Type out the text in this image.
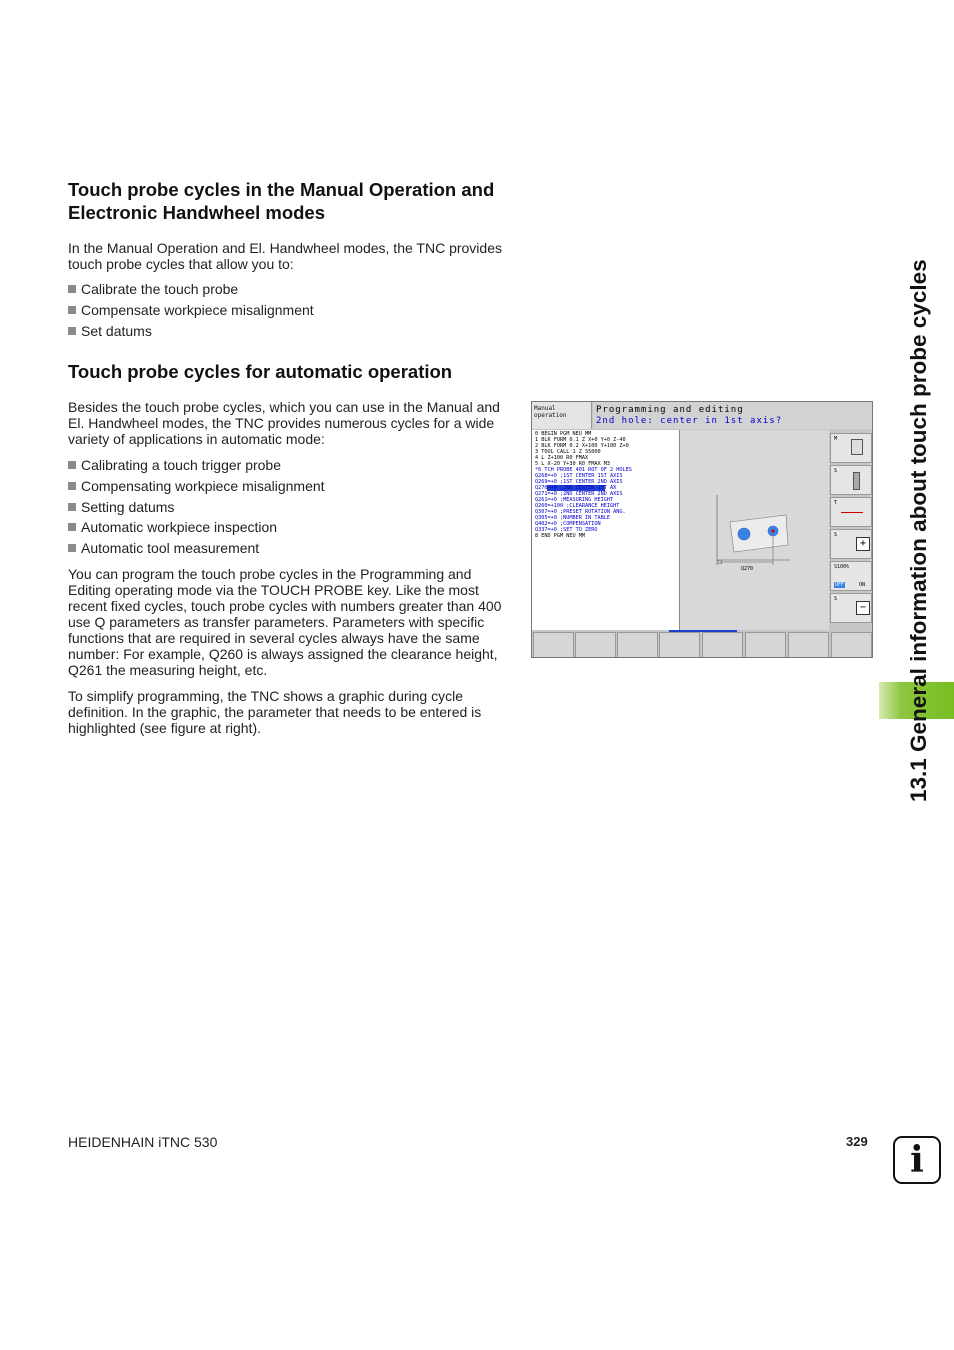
Touch probe cycles in the Manual Operation and
Electronic Handwheel modes

In the Manual Operation and El. Handwheel modes, the TNC provides
touch probe cycles that allow you to:

Calibrate the touch probe

Compensate workpiece misalignment

Set datums

Touch probe cycles for automatic operation

Besides the touch probe cycles, which you can use in the Manual and
El. Handwheel modes, the TNC provides numerous cycles for a wide
variety of applications in automatic mode:

Calibrating a touch trigger probe

Compensating workpiece misalignment

Setting datums

Automatic workpiece inspection

Automatic tool measurement

You can program the touch probe cycles in the Programming and
Editing operating mode via the TOUCH PROBE key. Like the most
recent fixed cycles, touch probe cycles with numbers greater than 400
use Q parameters as transfer parameters. Parameters with specific
functions that are required in several cycles always have the same
number: For example, Q260 is always assigned the clearance height,
Q261 the measuring height, etc.

To simplify programming, the TNC shows a graphic during cycle
definition. In the graphic, the parameter that needs to be entered is
highlighted (see figure at right).

Manual
operation
Programming and editing
2nd hole: center in 1st axis?
0 BEGIN PGM NEU MM
1 BLK FORM 0.1 Z X+0 Y+0 Z-40
2 BLK FORM 0.2 X+100 Y+100 Z+0
3 TOOL CALL 1 Z S5000
4 L Z+100 R0 FMAX
5 L X-20 Y+30 R0 FMAX M3
*6 TCH PROBE 401 ROT OF 2 HOLES
Q268=+0 ;1ST CENTER 1ST AXIS
Q269=+0 ;1ST CENTER 2ND AXIS
Q270=+0 ;2ND CENTER 1ST AX
Q271=+0 ;2ND CENTER 2ND AXIS
Q261=+0 ;MEASURING HEIGHT
Q260=+100 ;CLEARANCE HEIGHT
Q307=+0 ;PRESET ROTATION ANG.
Q305=+0 ;NUMBER IN TABLE
Q402=+0 ;COMPENSATION
Q337=+0 ;SET TO ZERO
8 END PGM NEU MM
Q270
M
S
T
S
+
S100%
OFF	ON
S
− 13.1 General information about touch probe cycles
HEIDENHAIN iTNC 530	329	i
